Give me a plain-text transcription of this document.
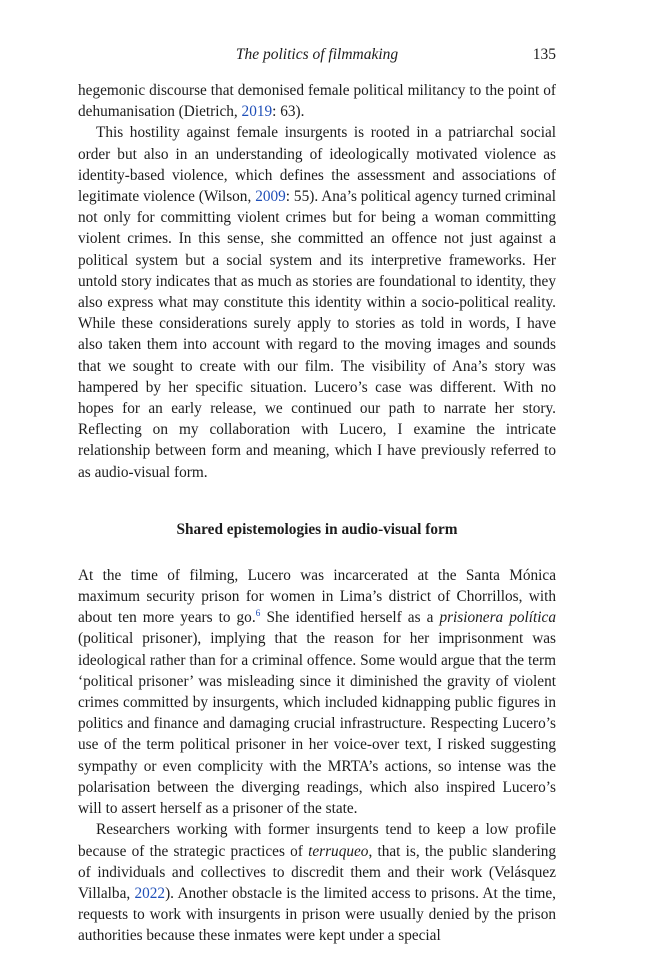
The politics of filmmaking	135

hegemonic discourse that demonised female political militancy to the point of dehumanisation (Dietrich, 2019: 63).

This hostility against female insurgents is rooted in a patriarchal social order but also in an understanding of ideologically motivated violence as identity-based violence, which defines the assessment and associations of legitimate violence (Wilson, 2009: 55). Ana’s political agency turned criminal not only for committing violent crimes but for being a woman committing violent crimes. In this sense, she committed an offence not just against a political system but a social system and its interpretive frameworks. Her untold story indicates that as much as stories are foundational to identity, they also express what may constitute this identity within a socio-political reality. While these considerations surely apply to stories as told in words, I have also taken them into account with regard to the moving images and sounds that we sought to create with our film. The visibility of Ana’s story was hampered by her specific situation. Lucero’s case was different. With no hopes for an early release, we continued our path to narrate her story. Reflecting on my collaboration with Lucero, I examine the intricate relationship between form and meaning, which I have previously referred to as audio-visual form.

Shared epistemologies in audio-visual form

At the time of filming, Lucero was incarcerated at the Santa Mónica maximum security prison for women in Lima’s district of Chorrillos, with about ten more years to go.$^6$ She identified herself as a prisionera política (political prisoner), implying that the reason for her imprisonment was ideological rather than for a criminal offence. Some would argue that the term ‘political prisoner’ was misleading since it diminished the gravity of violent crimes committed by insurgents, which included kidnapping public figures in politics and finance and damaging crucial infrastructure. Respecting Lucero’s use of the term political prisoner in her voice-over text, I risked suggesting sympathy or even complicity with the MRTA’s actions, so intense was the polarisation between the diverging readings, which also inspired Lucero’s will to assert herself as a prisoner of the state.

Researchers working with former insurgents tend to keep a low profile because of the strategic practices of terruqueo, that is, the public slandering of individuals and collectives to discredit them and their work (Velásquez Villalba, 2022). Another obstacle is the limited access to prisons. At the time, requests to work with insurgents in prison were usually denied by the prison authorities because these inmates were kept under a special
